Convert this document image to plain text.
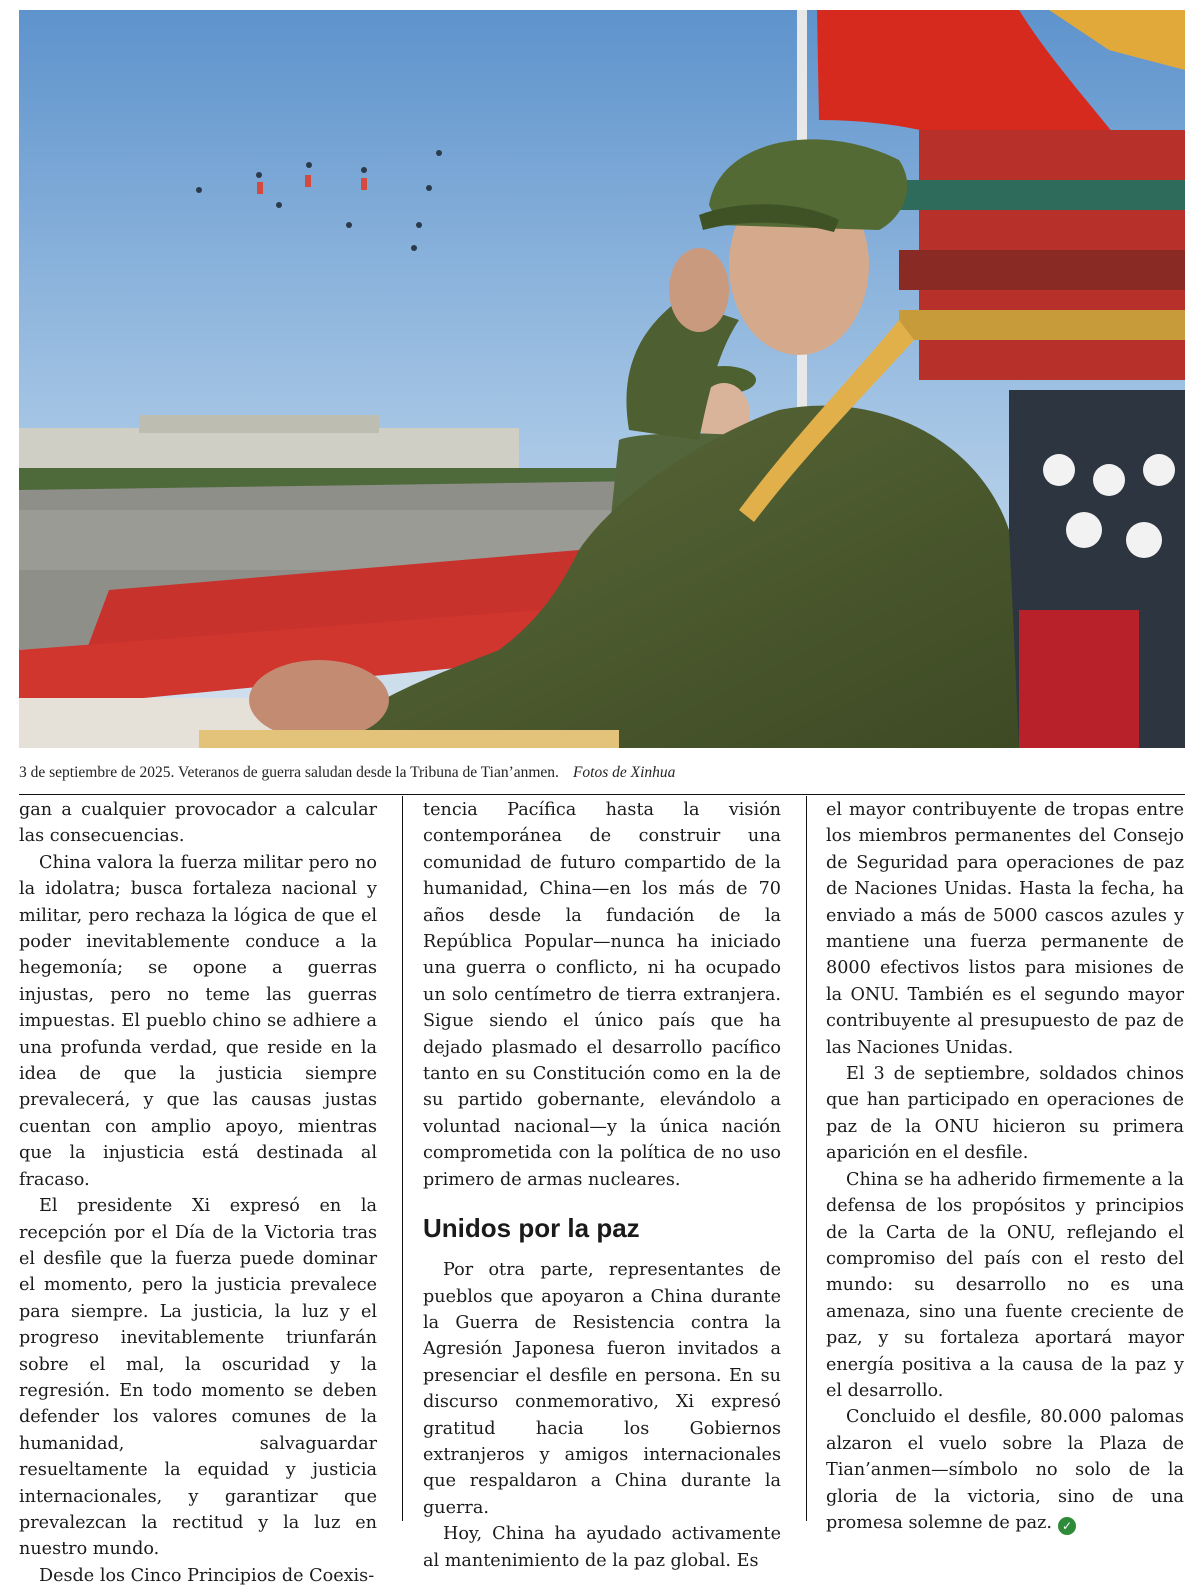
3 de septiembre de 2025. Veteranos de guerra saludan desde la Tribuna de Tian’anmen. Fotos de Xinhua

gan a cualquier provocador a calcular las consecuencias.

China valora la fuerza militar pero no la idolatra; busca fortaleza nacional y militar, pero rechaza la lógica de que el poder inevitablemente conduce a la hegemonía; se opone a guerras injustas, pero no teme las guerras impuestas. El pueblo chino se adhiere a una profunda verdad, que reside en la idea de que la justicia siempre prevalecerá, y que las causas justas cuentan con amplio apoyo, mientras que la injusticia está destinada al fracaso.

El presidente Xi expresó en la recepción por el Día de la Victoria tras el desfile que la fuerza puede dominar el momento, pero la justicia prevalece para siempre. La justicia, la luz y el progreso inevitablemente triunfarán sobre el mal, la oscuridad y la regresión. En todo momento se deben defender los valores comunes de la humanidad, salvaguardar resueltamente la equidad y justicia internacionales, y garantizar que prevalezcan la rectitud y la luz en nuestro mundo.

Desde los Cinco Principios de Coexis-

tencia Pacífica hasta la visión contemporánea de construir una comunidad de futuro compartido de la humanidad, China—en los más de 70 años desde la fundación de la República Popular—nunca ha iniciado una guerra o conflicto, ni ha ocupado un solo centímetro de tierra extranjera. Sigue siendo el único país que ha dejado plasmado el desarrollo pacífico tanto en su Constitución como en la de su partido gobernante, elevándolo a voluntad nacional—y la única nación comprometida con la política de no uso primero de armas nucleares.

Unidos por la paz

Por otra parte, representantes de pueblos que apoyaron a China durante la Guerra de Resistencia contra la Agresión Japonesa fueron invitados a presenciar el desfile en persona. En su discurso conmemorativo, Xi expresó gratitud hacia los Gobiernos extranjeros y amigos internacionales que respaldaron a China durante la guerra.

Hoy, China ha ayudado activamente al mantenimiento de la paz global. Es

el mayor contribuyente de tropas entre los miembros permanentes del Consejo de Seguridad para operaciones de paz de Naciones Unidas. Hasta la fecha, ha enviado a más de 5000 cascos azules y mantiene una fuerza permanente de 8000 efectivos listos para misiones de la ONU. También es el segundo mayor contribuyente al presupuesto de paz de las Naciones Unidas.

El 3 de septiembre, soldados chinos que han participado en operaciones de paz de la ONU hicieron su primera aparición en el desfile.

China se ha adherido firmemente a la defensa de los propósitos y principios de la Carta de la ONU, reflejando el compromiso del país con el resto del mundo: su desarrollo no es una amenaza, sino una fuente creciente de paz, y su fortaleza aportará mayor energía positiva a la causa de la paz y el desarrollo.

Concluido el desfile, 80.000 palomas alzaron el vuelo sobre la Plaza de Tian’anmen—símbolo no solo de la gloria de la victoria, sino de una promesa solemne de paz. ✓
